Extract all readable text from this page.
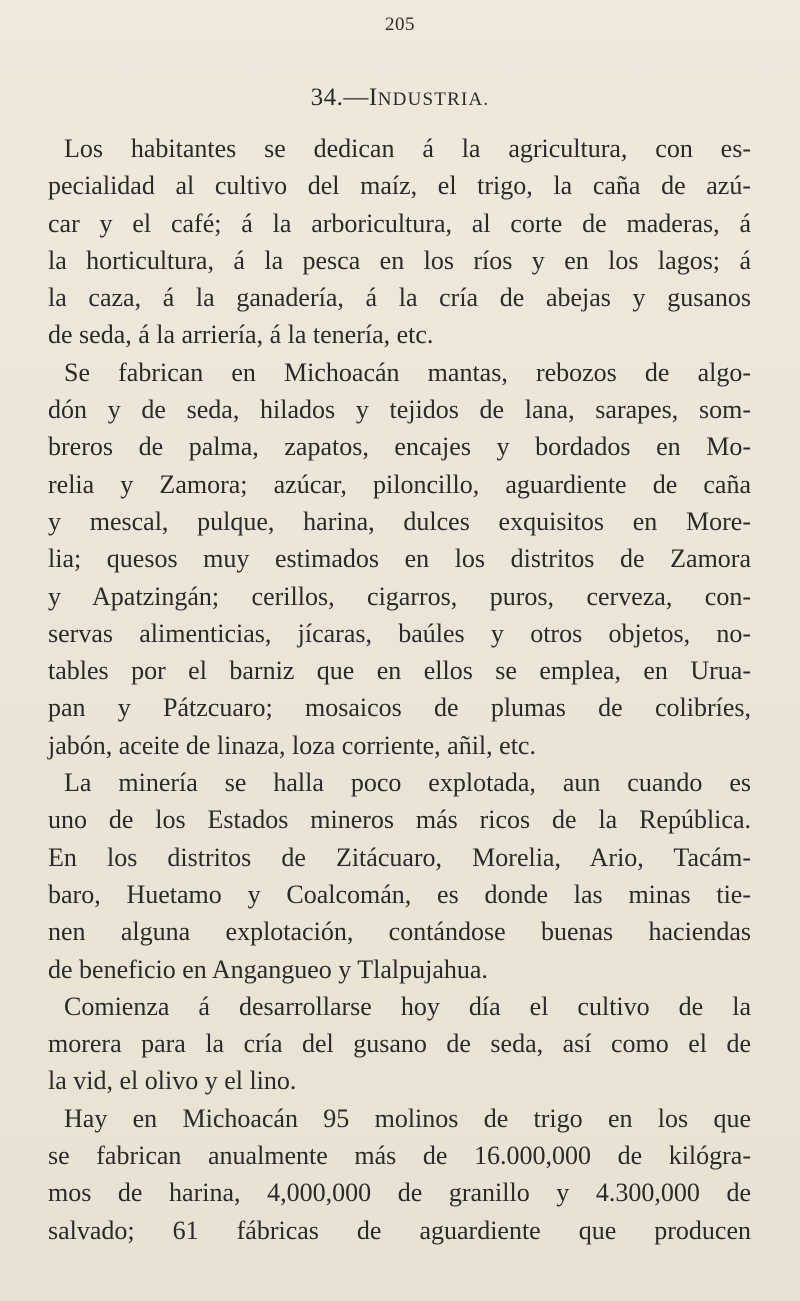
205
34.—INDUSTRIA.
Los habitantes se dedican á la agricultura, con es-
pecialidad al cultivo del maíz, el trigo, la caña de azú-
car y el café; á la arboricultura, al corte de maderas, á
la horticultura, á la pesca en los ríos y en los lagos; á
la caza, á la ganadería, á la cría de abejas y gusanos
de seda, á la arriería, á la tenería, etc.
Se fabrican en Michoacán mantas, rebozos de algo-
dón y de seda, hilados y tejidos de lana, sarapes, som-
breros de palma, zapatos, encajes y bordados en Mo-
relia y Zamora; azúcar, piloncillo, aguardiente de caña
y mescal, pulque, harina, dulces exquisitos en More-
lia; quesos muy estimados en los distritos de Zamora
y Apatzingán; cerillos, cigarros, puros, cerveza, con-
servas alimenticias, jícaras, baúles y otros objetos, no-
tables por el barniz que en ellos se emplea, en Urua-
pan y Pátzcuaro; mosaicos de plumas de colibríes,
jabón, aceite de linaza, loza corriente, añil, etc.
La minería se halla poco explotada, aun cuando es
uno de los Estados mineros más ricos de la República.
En los distritos de Zitácuaro, Morelia, Ario, Tacám-
baro, Huetamo y Coalcomán, es donde las minas tie-
nen alguna explotación, contándose buenas haciendas
de beneficio en Angangueo y Tlalpujahua.
Comienza á desarrollarse hoy día el cultivo de la
morera para la cría del gusano de seda, así como el de
la vid, el olivo y el lino.
Hay en Michoacán 95 molinos de trigo en los que
se fabrican anualmente más de 16.000,000 de kilógra-
mos de harina, 4,000,000 de granillo y 4.300,000 de
salvado; 61 fábricas de aguardiente que producen
